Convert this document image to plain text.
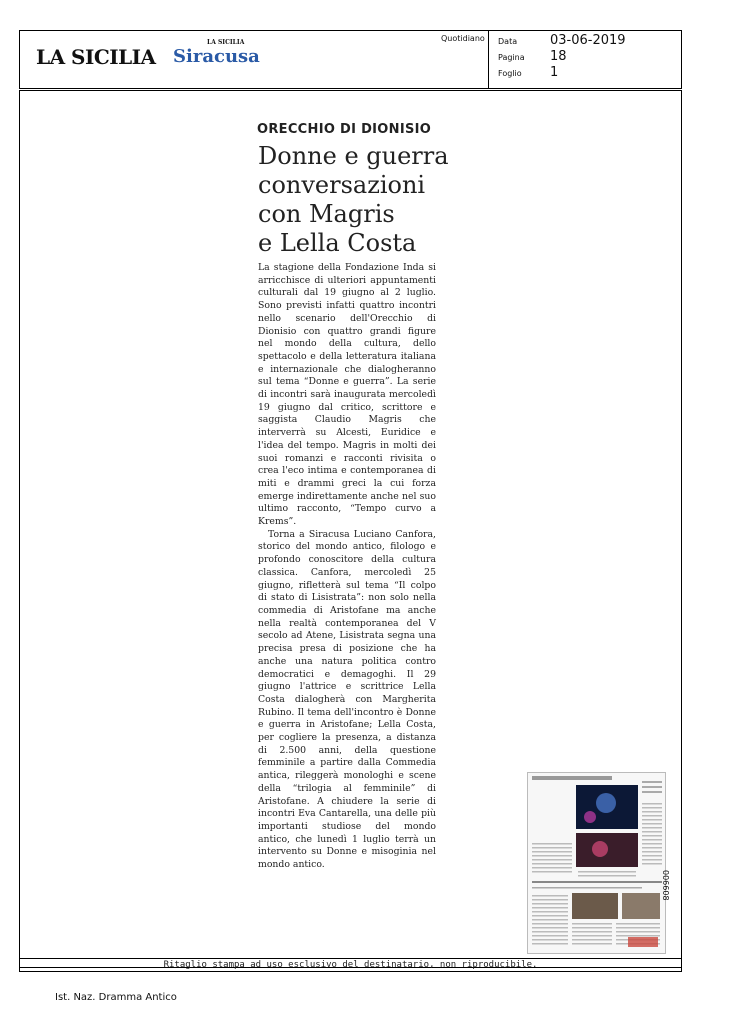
LA SICILIA
LA SICILIA
Siracusa
Quotidiano Data	03-06-2019
Pagina 18
Foglio 1
ORECCHIO DI DIONISIO
Donne e guerra
conversazioni
con Magris
e Lella Costa

La stagione della Fondazione Inda si arricchisce di ulteriori appuntamenti culturali dal 19 giugno al 2 luglio. Sono previsti infatti quattro incontri nello scenario dell'Orecchio di Dionisio con quattro grandi figure nel mondo della cultura, dello spettacolo e della letteratura italiana e internazionale che dialogheranno sul tema “Donne e guerra”. La serie di incontri sarà inaugurata mercoledì 19 giugno dal critico, scrittore e saggista Claudio Magris che interverrà su Alcesti, Euridice e l'idea del tempo. Magris in molti dei suoi romanzi e racconti rivisita o crea l'eco intima e contemporanea di miti e drammi greci la cui forza emerge indirettamente anche nel suo ultimo racconto, “Tempo curvo a Krems”.

Torna a Siracusa Luciano Canfora, storico del mondo antico, filologo e profondo conoscitore della cultura classica. Canfora, mercoledì 25 giugno, rifletterà sul tema “Il colpo di stato di Lisistrata”: non solo nella commedia di Aristofane ma anche nella realtà contemporanea del V secolo ad Atene, Lisistrata segna una precisa presa di posizione che ha anche una natura politica contro democratici e demagoghi. Il 29 giugno l'attrice e scrittrice Lella Costa dialogherà con Margherita Rubino. Il tema dell'incontro è Donne e guerra in Aristofane; Lella Costa, per cogliere la presenza, a distanza di 2.500 anni, della questione femminile a partire dalla Commedia antica, rileggerà monologhi e scene della “trilogia al femminile” di Aristofane. A chiudere la serie di incontri Eva Cantarella, una delle più importanti studiose del mondo antico, che lunedì 1 luglio terrà un intervento su Donne e misoginia nel mondo antico.

006608
Ritaglio stampa ad uso esclusivo del destinatario, non riproducibile.
Ist. Naz. Dramma Antico
